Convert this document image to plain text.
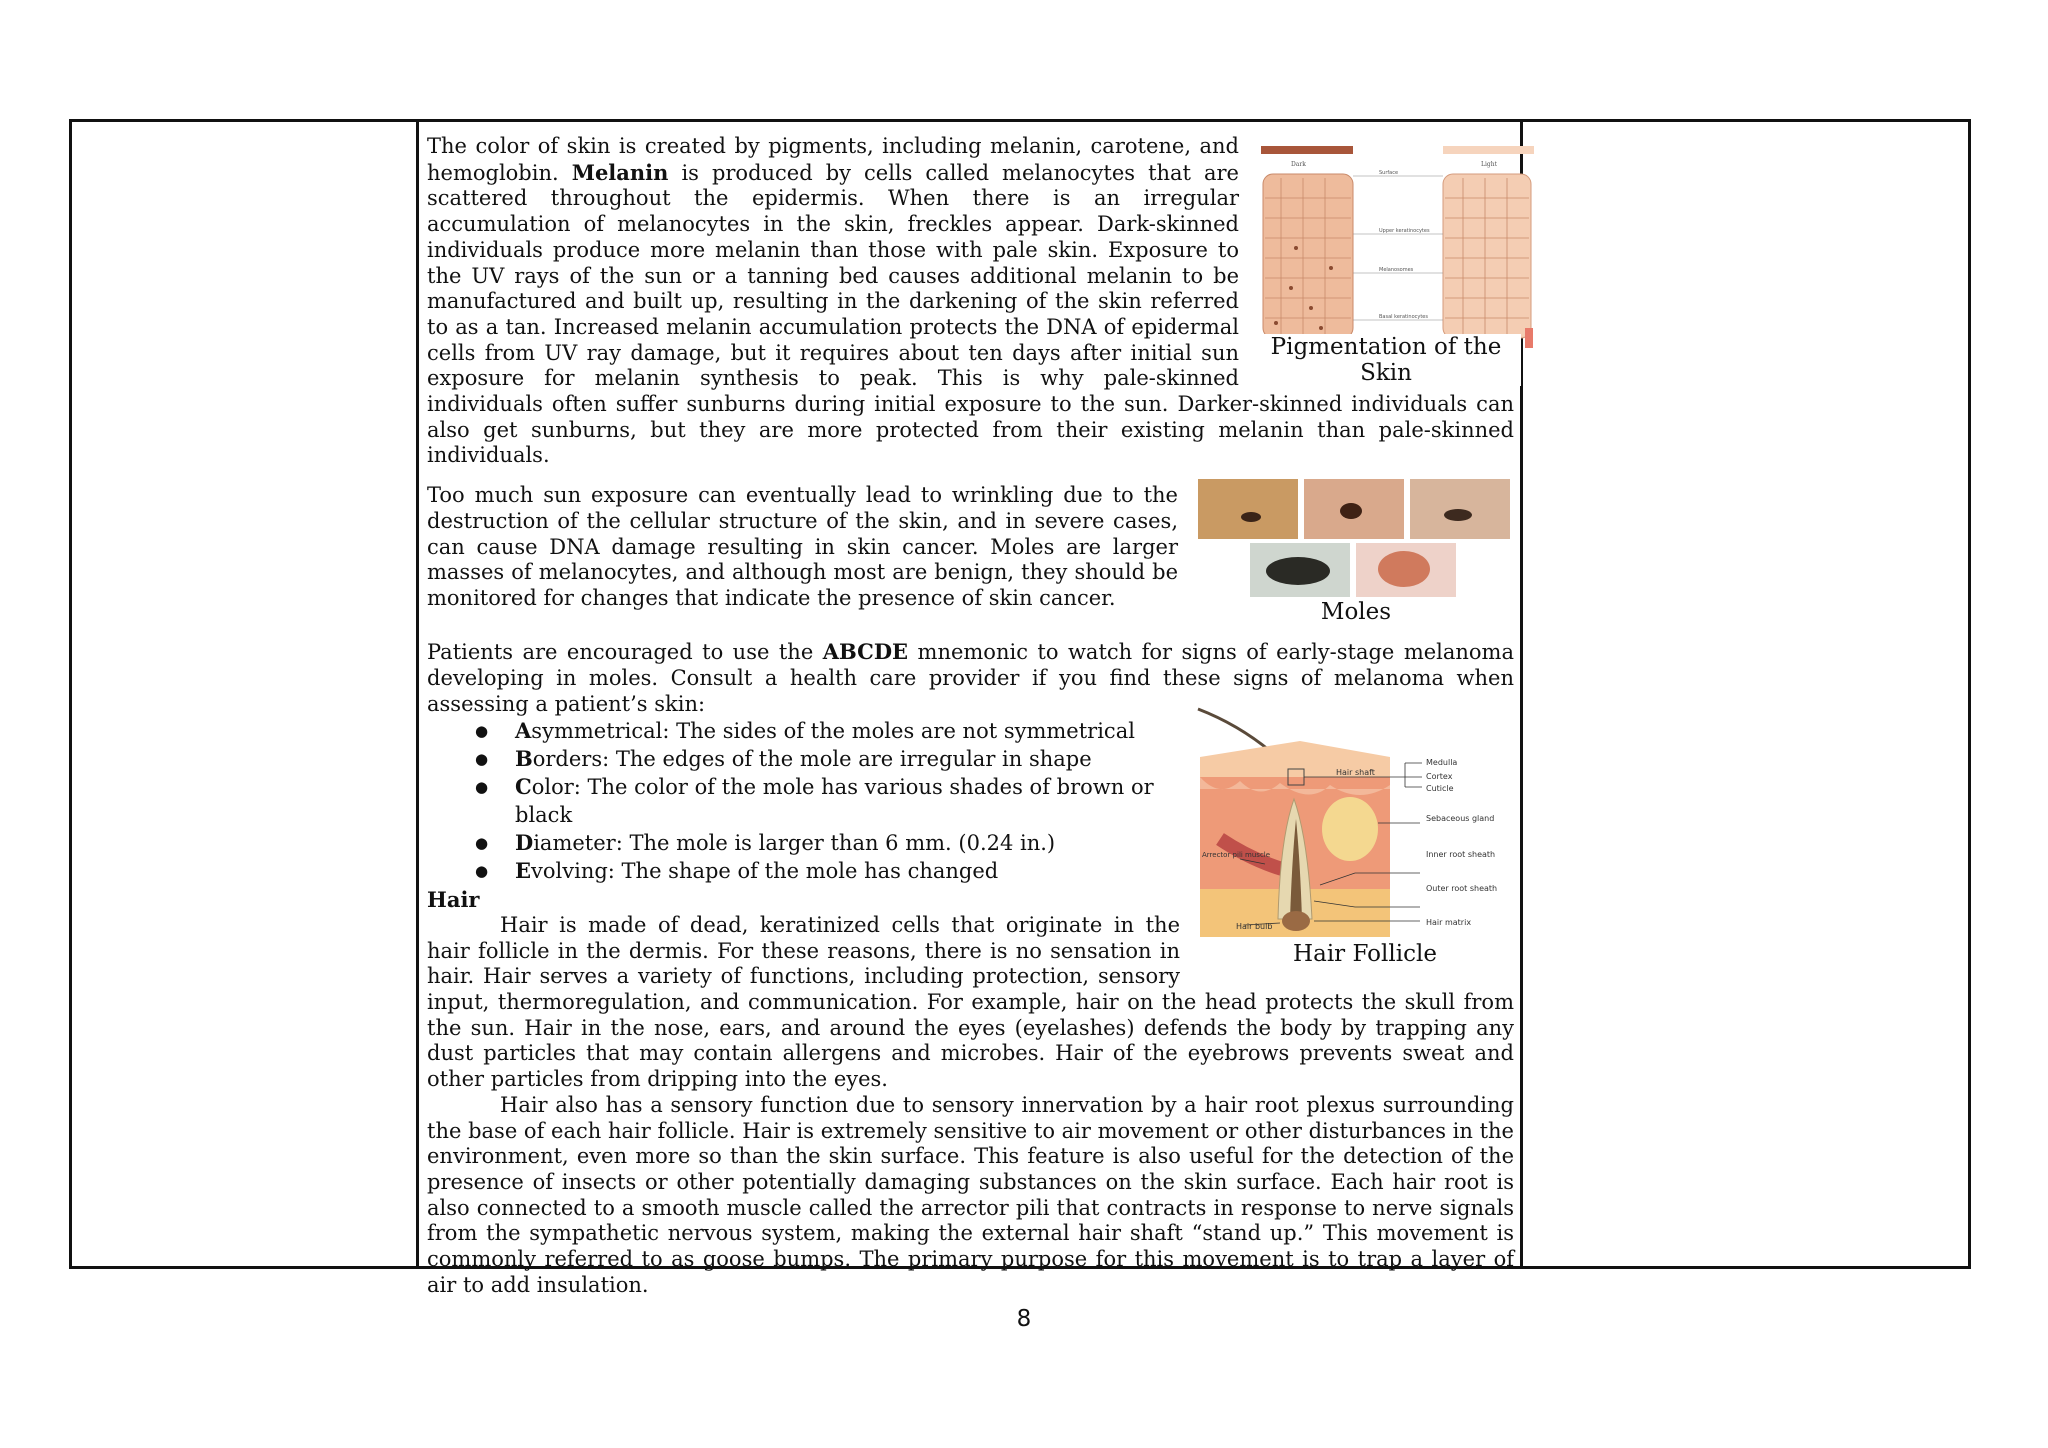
Dark	Light
Surface
Upper keratinocytes
Melanosomes
Basal keratinocytes
Pigmentation of the Skin

The color of skin is created by pigments, including melanin, carotene, and hemoglobin. Melanin is produced by cells called melanocytes that are scattered throughout the epidermis. When there is an irregular accumulation of melanocytes in the skin, freckles appear. Dark-skinned individuals produce more melanin than those with pale skin. Exposure to the UV rays of the sun or a tanning bed causes additional melanin to be manufactured and built up, resulting in the darkening of the skin referred to as a tan. Increased melanin accumulation protects the DNA of epidermal cells from UV ray damage, but it requires about ten days after initial sun exposure for melanin synthesis to peak. This is why pale-skinned individuals often suffer sunburns during initial exposure to the sun. Darker-skinned individuals can also get sunburns, but they are more protected from their existing melanin than pale-skinned individuals.

Moles

Too much sun exposure can eventually lead to wrinkling due to the destruction of the cellular structure of the skin, and in severe cases, can cause DNA damage resulting in skin cancer. Moles are larger masses of melanocytes, and although most are benign, they should be monitored for changes that indicate the presence of skin cancer.

Patients are encouraged to use the ABCDE mnemonic to watch for signs of early-stage melanoma developing in moles. Consult a health care provider if you find these signs of melanoma when assessing a patient’s skin:

Medulla
Cortex
Cuticle
Sebaceous gland
Inner root sheath
Outer root sheath
Hair matrix
Hair shaft
Arrector pili muscle
Hair bulb
Hair Follicle
● Asymmetrical: The sides of the moles are not symmetrical
● Borders: The edges of the mole are irregular in shape
● Color: The color of the mole has various shades of brown or black
● Diameter: The mole is larger than 6 mm. (0.24 in.)
● Evolving: The shape of the mole has changed
Hair

Hair is made of dead, keratinized cells that originate in the hair follicle in the dermis. For these reasons, there is no sensation in hair. Hair serves a variety of functions, including protection, sensory input, thermoregulation, and communication. For example, hair on the head protects the skull from the sun. Hair in the nose, ears, and around the eyes (eyelashes) defends the body by trapping any dust particles that may contain allergens and microbes. Hair of the eyebrows prevents sweat and other particles from dripping into the eyes.

Hair also has a sensory function due to sensory innervation by a hair root plexus surrounding the base of each hair follicle. Hair is extremely sensitive to air movement or other disturbances in the environment, even more so than the skin surface. This feature is also useful for the detection of the presence of insects or other potentially damaging substances on the skin surface. Each hair root is also connected to a smooth muscle called the arrector pili that contracts in response to nerve signals from the sympathetic nervous system, making the external hair shaft “stand up.” This movement is commonly referred to as goose bumps. The primary purpose for this movement is to trap a layer of air to add insulation.

8
